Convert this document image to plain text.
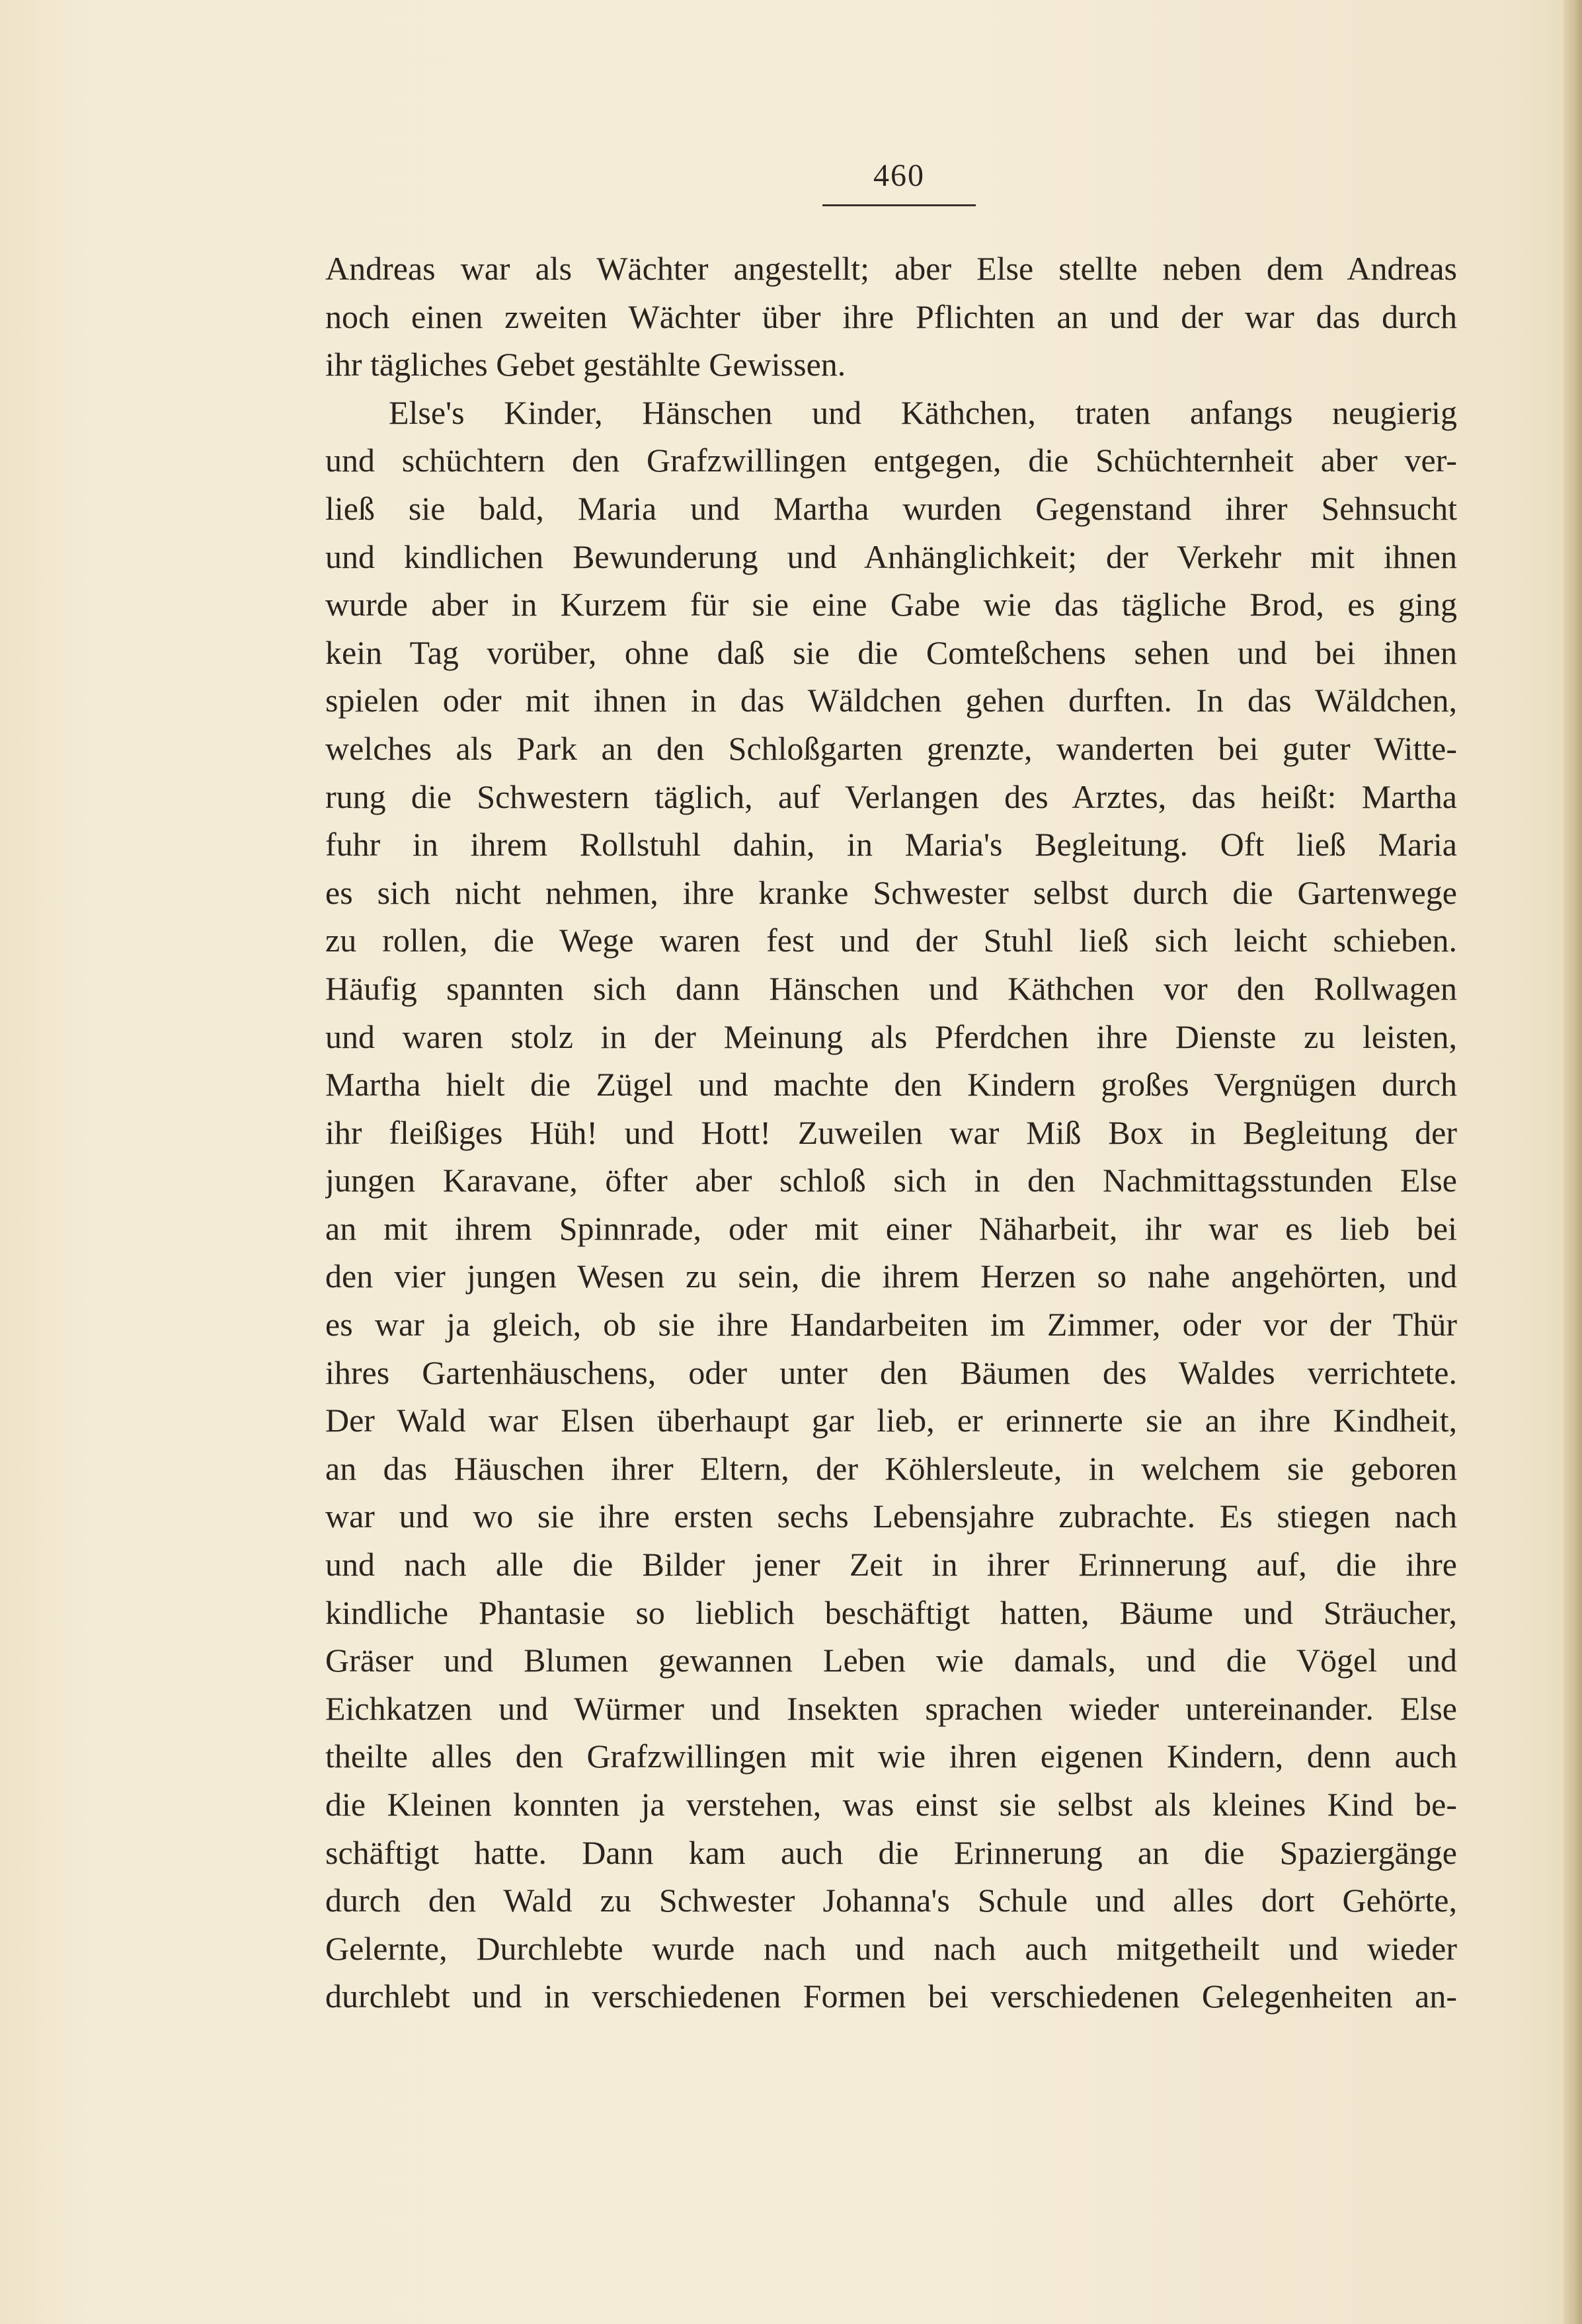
460
Andreas war als Wächter angestellt; aber Else stellte neben dem Andreas
noch einen zweiten Wächter über ihre Pflichten an und der war das durch
ihr tägliches Gebet gestählte Gewissen.
Else's Kinder, Hänschen und Käthchen, traten anfangs neugierig
und schüchtern den Grafzwillingen entgegen, die Schüchternheit aber ver-
ließ sie bald, Maria und Martha wurden Gegenstand ihrer Sehnsucht
und kindlichen Bewunderung und Anhänglichkeit; der Verkehr mit ihnen
wurde aber in Kurzem für sie eine Gabe wie das tägliche Brod, es ging
kein Tag vorüber, ohne daß sie die Comteßchens sehen und bei ihnen
spielen oder mit ihnen in das Wäldchen gehen durften. In das Wäldchen,
welches als Park an den Schloßgarten grenzte, wanderten bei guter Witte-
rung die Schwestern täglich, auf Verlangen des Arztes, das heißt: Martha
fuhr in ihrem Rollstuhl dahin, in Maria's Begleitung. Oft ließ Maria
es sich nicht nehmen, ihre kranke Schwester selbst durch die Gartenwege
zu rollen, die Wege waren fest und der Stuhl ließ sich leicht schieben.
Häufig spannten sich dann Hänschen und Käthchen vor den Rollwagen
und waren stolz in der Meinung als Pferdchen ihre Dienste zu leisten,
Martha hielt die Zügel und machte den Kindern großes Vergnügen durch
ihr fleißiges Hüh! und Hott! Zuweilen war Miß Box in Begleitung der
jungen Karavane, öfter aber schloß sich in den Nachmittagsstunden Else
an mit ihrem Spinnrade, oder mit einer Näharbeit, ihr war es lieb bei
den vier jungen Wesen zu sein, die ihrem Herzen so nahe angehörten, und
es war ja gleich, ob sie ihre Handarbeiten im Zimmer, oder vor der Thür
ihres Gartenhäuschens, oder unter den Bäumen des Waldes verrichtete.
Der Wald war Elsen überhaupt gar lieb, er erinnerte sie an ihre Kindheit,
an das Häuschen ihrer Eltern, der Köhlersleute, in welchem sie geboren
war und wo sie ihre ersten sechs Lebensjahre zubrachte. Es stiegen nach
und nach alle die Bilder jener Zeit in ihrer Erinnerung auf, die ihre
kindliche Phantasie so lieblich beschäftigt hatten, Bäume und Sträucher,
Gräser und Blumen gewannen Leben wie damals, und die Vögel und
Eichkatzen und Würmer und Insekten sprachen wieder untereinander. Else
theilte alles den Grafzwillingen mit wie ihren eigenen Kindern, denn auch
die Kleinen konnten ja verstehen, was einst sie selbst als kleines Kind be-
schäftigt hatte. Dann kam auch die Erinnerung an die Spaziergänge
durch den Wald zu Schwester Johanna's Schule und alles dort Gehörte,
Gelernte, Durchlebte wurde nach und nach auch mitgetheilt und wieder
durchlebt und in verschiedenen Formen bei verschiedenen Gelegenheiten an-
